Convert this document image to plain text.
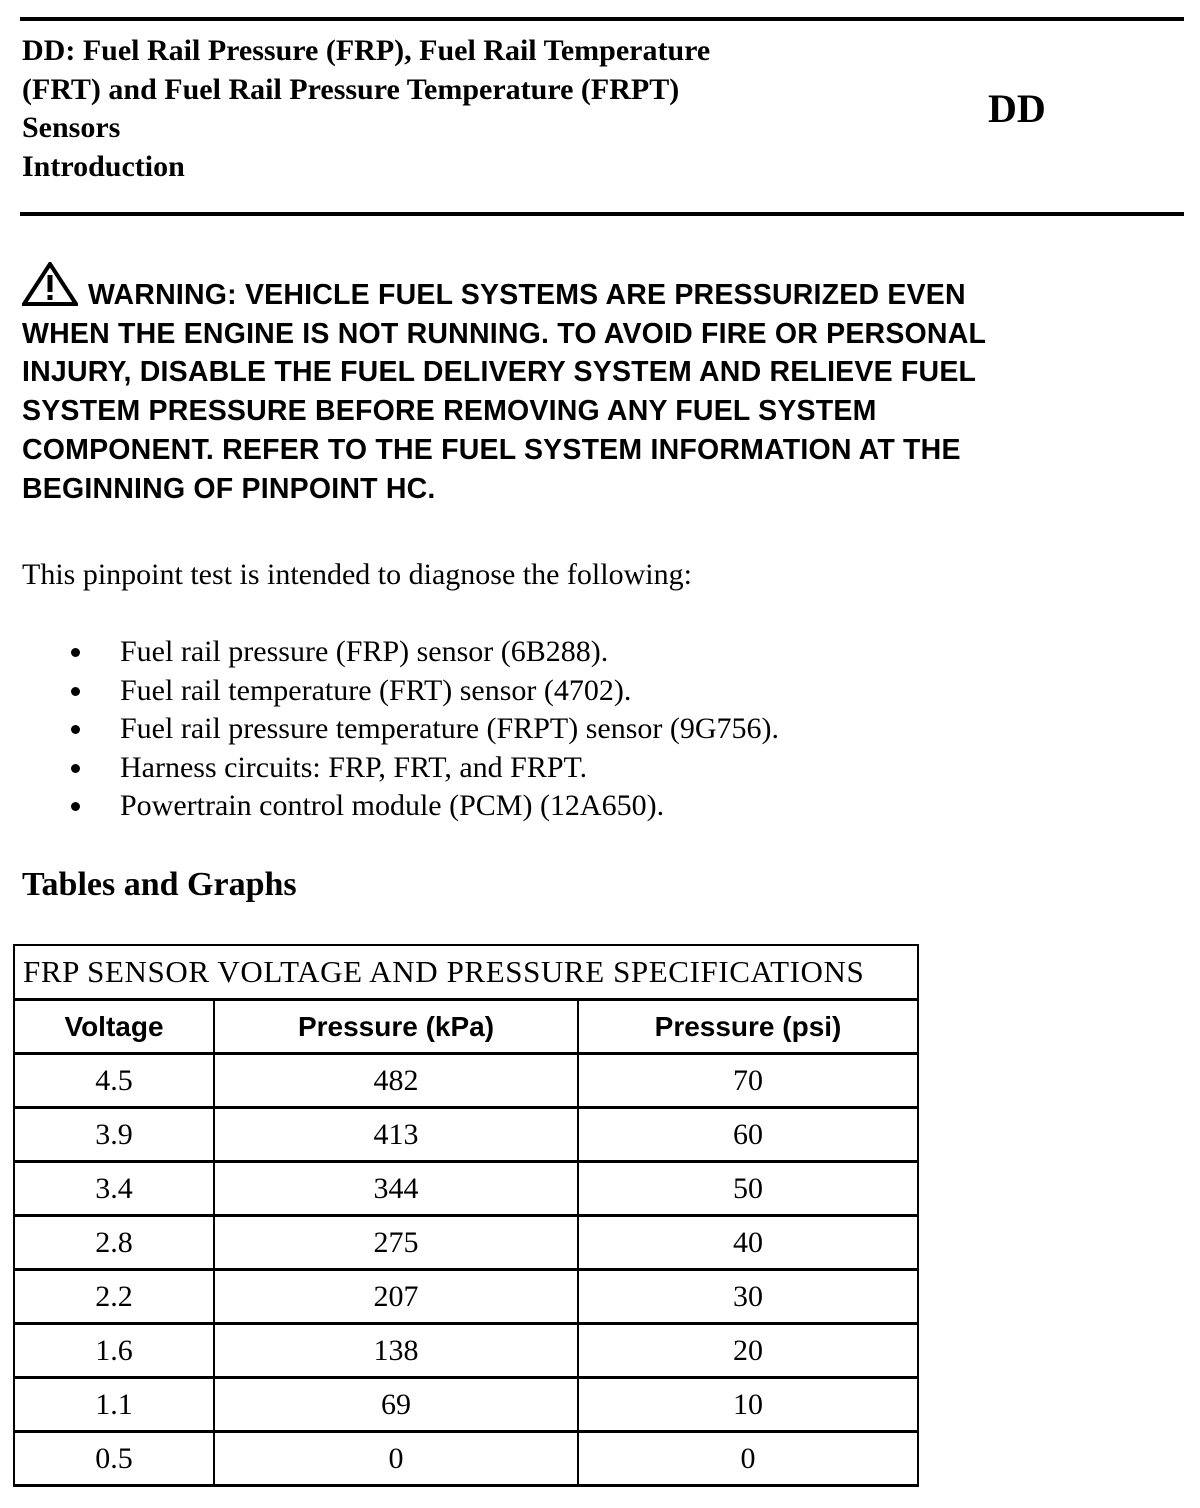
DD: Fuel Rail Pressure (FRP), Fuel Rail Temperature
(FRT) and Fuel Rail Pressure Temperature (FRPT)
Sensors
Introduction
DD
WARNING: VEHICLE FUEL SYSTEMS ARE PRESSURIZED EVEN
WHEN THE ENGINE IS NOT RUNNING. TO AVOID FIRE OR PERSONAL
INJURY, DISABLE THE FUEL DELIVERY SYSTEM AND RELIEVE FUEL
SYSTEM PRESSURE BEFORE REMOVING ANY FUEL SYSTEM
COMPONENT. REFER TO THE FUEL SYSTEM INFORMATION AT THE
BEGINNING OF PINPOINT HC.
This pinpoint test is intended to diagnose the following:
Fuel rail pressure (FRP) sensor (6B288).
Fuel rail temperature (FRT) sensor (4702).
Fuel rail pressure temperature (FRPT) sensor (9G756).
Harness circuits: FRP, FRT, and FRPT.
Powertrain control module (PCM) (12A650).
Tables and Graphs
FRP SENSOR VOLTAGE AND PRESSURE SPECIFICATIONS		
Voltage	Pressure (kPa)	Pressure (psi)
4.5	482	70
3.9	413	60
3.4	344	50
2.8	275	40
2.2	207	30
1.6	138	20
1.1	69	10
0.5	0	0
